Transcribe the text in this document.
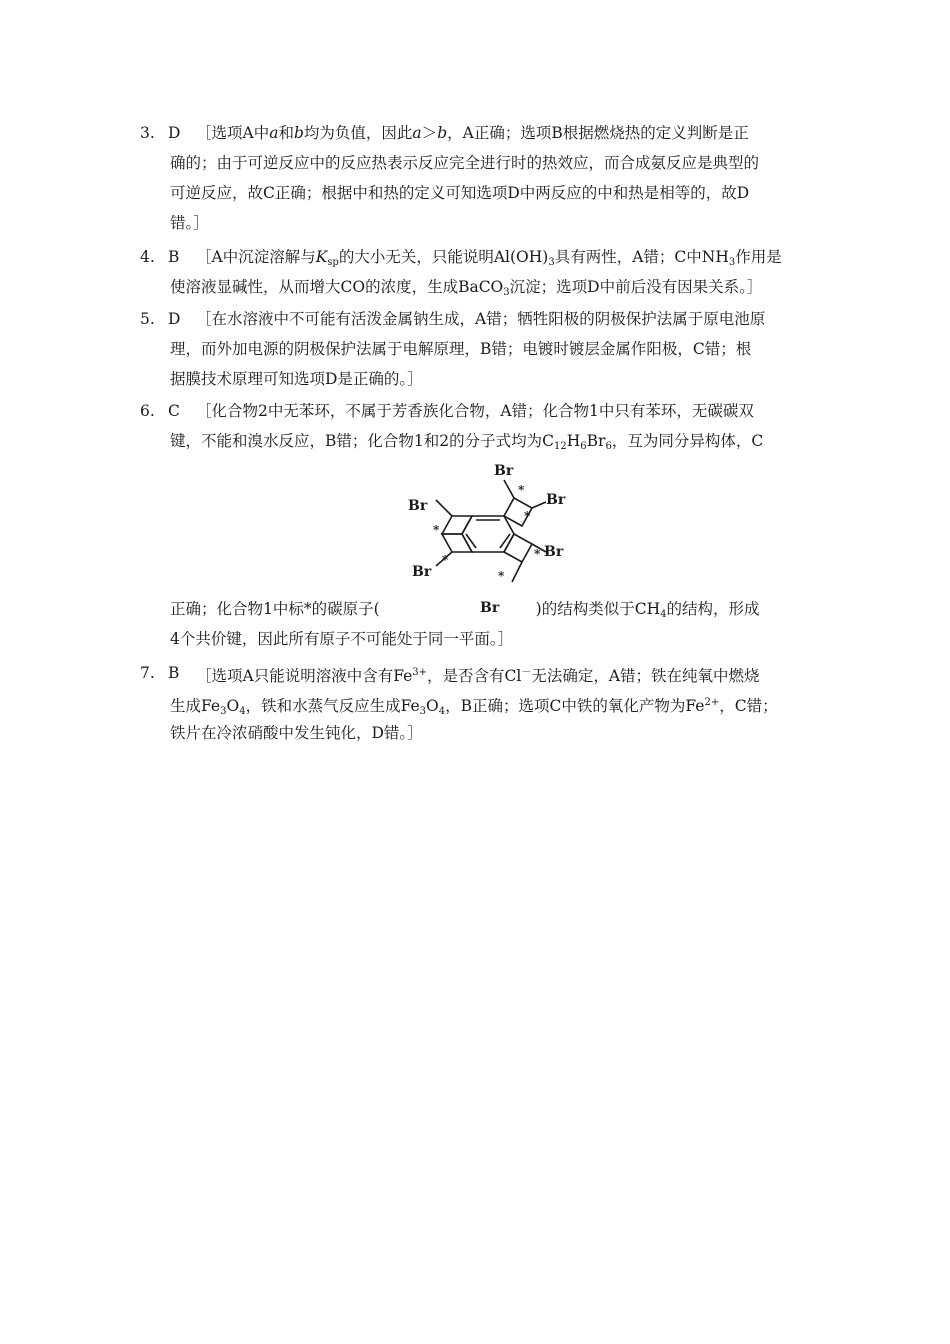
3. D	［选项A中a和b均为负值，因此a＞b，A正确；选项B根据燃烧热的定义判断是正
确的；由于可逆反应中的反应热表示反应完全进行时的热效应，而合成氨反应是典型的
可逆反应，故C正确；根据中和热的定义可知选项D中两反应的中和热是相等的，故D
错。］
4. B	［A中沉淀溶解与$K_{sp}$的大小无关，只能说明$Al(OH)_3$具有两性，A错；C中$NH_3$作用是
使溶液显碱性，从而增大CO的浓度，生成BaCO$_3$沉淀；选项D中前后没有因果关系。］
5. D	［在水溶液中不可能有活泼金属钠生成，A错；牺牲阳极的阴极保护法属于原电池原
理，而外加电源的阴极保护法属于电解原理，B错；电镀时镀层金属作阳极，C错；根
据膜技术原理可知选项D是正确的。］
6. C	［化合物2中无苯环，不属于芳香族化合物，A错；化合物1中只有苯环，无碳碳双
键，不能和溴水反应，B错；化合物1和2的分子式均为$C_{12}H_6Br_6$，互为同分异构体，C
正确；化合物1中标*的碳原子(	)的结构类似于$CH_4$的结构，形成
4个共价键，因此所有原子不可能处于同一平面。］
Br
Br
Br
Br
Br
Br
*
*
*
*	*
*
7. B	［选项A只能说明溶液中含有$Fe^{3+}$，是否含有Cl－无法确定，A错；铁在纯氧中燃烧
生成$Fe_3O_4$，铁和水蒸气反应生成$Fe_3O_4$，B正确；选项C中铁的氧化产物为$Fe^{2+}$，C错；
铁片在冷浓硝酸中发生钝化，D错。］
